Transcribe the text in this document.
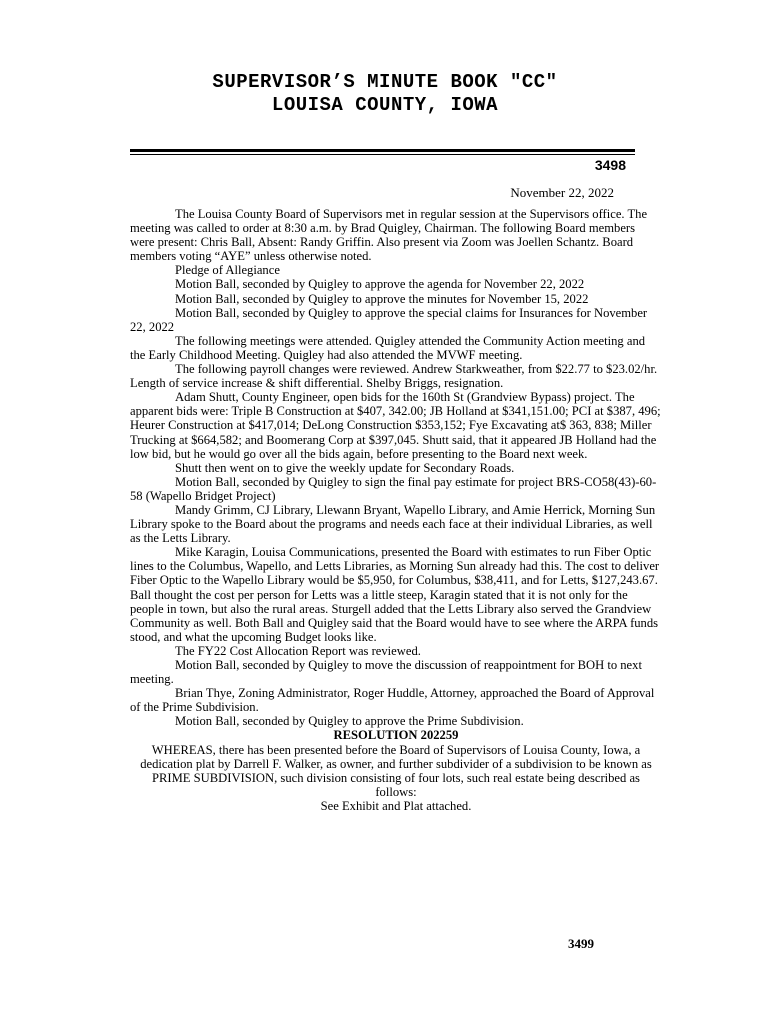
SUPERVISOR’S MINUTE BOOK "CC"
LOUISA COUNTY, IOWA
3498
November 22, 2022

The Louisa County Board of Supervisors met in regular session at the Supervisors office. The meeting was called to order at 8:30 a.m. by Brad Quigley, Chairman. The following Board members were present: Chris Ball, Absent: Randy Griffin. Also present via Zoom was Joellen Schantz. Board members voting “AYE” unless otherwise noted.

Pledge of Allegiance

Motion Ball, seconded by Quigley to approve the agenda for November 22, 2022

Motion Ball, seconded by Quigley to approve the minutes for November 15, 2022

Motion Ball, seconded by Quigley to approve the special claims for Insurances for November 22, 2022

The following meetings were attended. Quigley attended the Community Action meeting and the Early Childhood Meeting. Quigley had also attended the MVWF meeting.

The following payroll changes were reviewed. Andrew Starkweather, from $22.77 to $23.02/hr. Length of service increase & shift differential. Shelby Briggs, resignation.

Adam Shutt, County Engineer, open bids for the 160th St (Grandview Bypass) project. The apparent bids were: Triple B Construction at $407, 342.00; JB Holland at $341,151.00; PCI at $387, 496; Heurer Construction at $417,014; DeLong Construction $353,152; Fye Excavating at$ 363, 838; Miller Trucking at $664,582; and Boomerang Corp at $397,045. Shutt said, that it appeared JB Holland had the low bid, but he would go over all the bids again, before presenting to the Board next week.

Shutt then went on to give the weekly update for Secondary Roads.

Motion Ball, seconded by Quigley to sign the final pay estimate for project BRS-CO58(43)-60-58 (Wapello Bridget Project)

Mandy Grimm, CJ Library, Llewann Bryant, Wapello Library, and Amie Herrick, Morning Sun Library spoke to the Board about the programs and needs each face at their individual Libraries, as well as the Letts Library.

Mike Karagin, Louisa Communications, presented the Board with estimates to run Fiber Optic lines to the Columbus, Wapello, and Letts Libraries, as Morning Sun already had this. The cost to deliver Fiber Optic to the Wapello Library would be $5,950, for Columbus, $38,411, and for Letts, $127,243.67. Ball thought the cost per person for Letts was a little steep, Karagin stated that it is not only for the people in town, but also the rural areas. Sturgell added that the Letts Library also served the Grandview Community as well. Both Ball and Quigley said that the Board would have to see where the ARPA funds stood, and what the upcoming Budget looks like.

The FY22 Cost Allocation Report was reviewed.

Motion Ball, seconded by Quigley to move the discussion of reappointment for BOH to next meeting.

Brian Thye, Zoning Administrator, Roger Huddle, Attorney, approached the Board of Approval of the Prime Subdivision.

Motion Ball, seconded by Quigley to approve the Prime Subdivision.

RESOLUTION 202259

WHEREAS, there has been presented before the Board of Supervisors of Louisa County, Iowa, a dedication plat by Darrell F. Walker, as owner, and further subdivider of a subdivision to be known as PRIME SUBDIVISION, such division consisting of four lots, such real estate being described as follows:

See Exhibit and Plat attached.

3499
